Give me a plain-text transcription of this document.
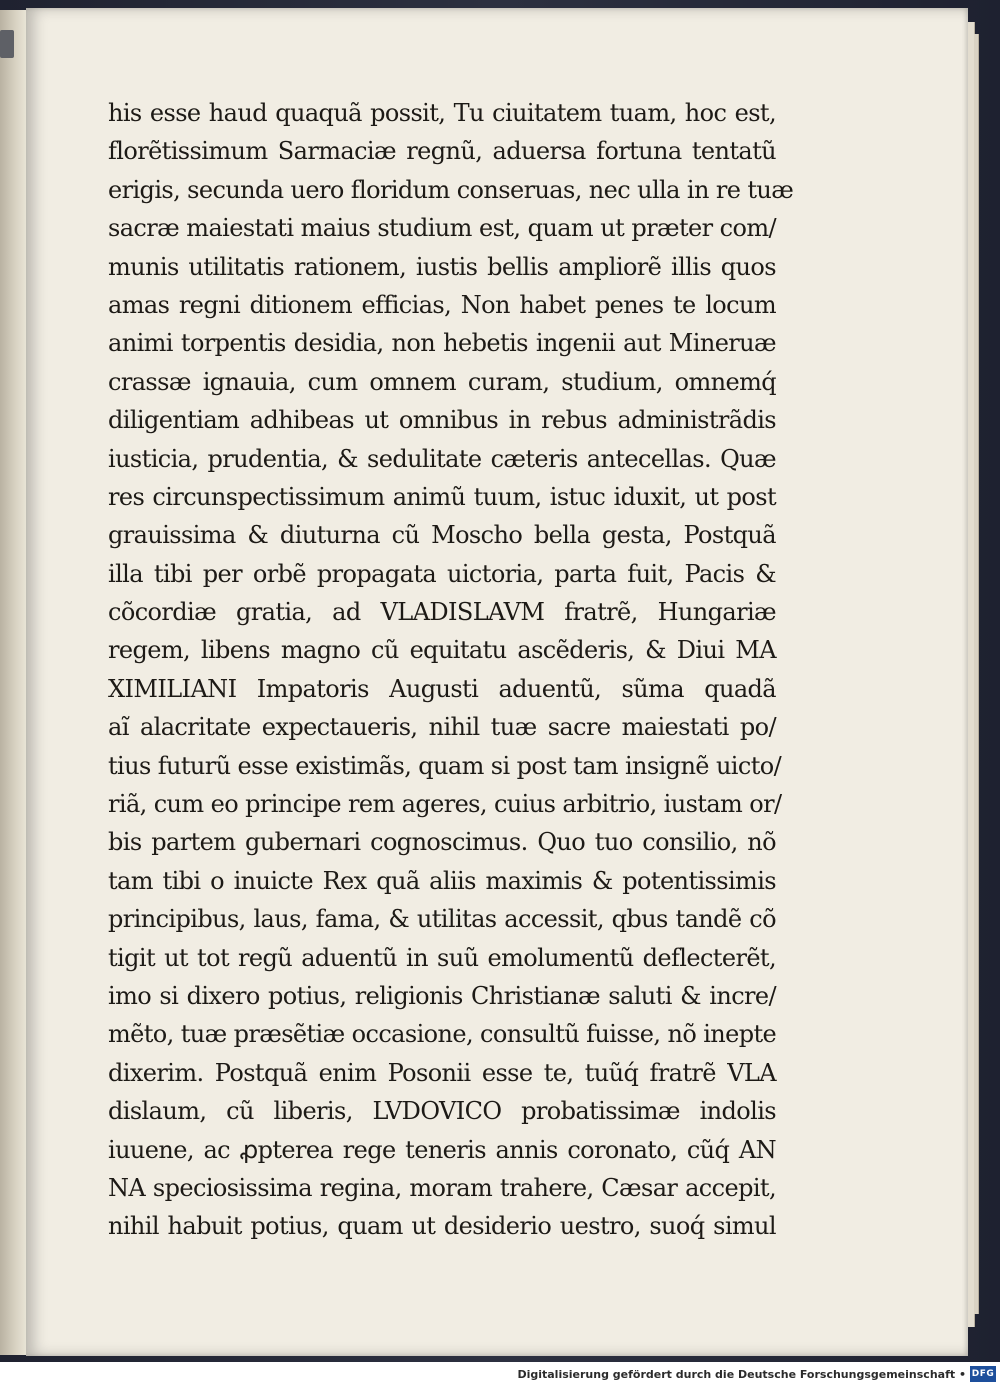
his esse haud quaquã possit, Tu ciuitatem tuam, hoc est,
florẽtissimum Sarmaciæ regnũ, aduersa fortuna tentatũ
erigis, secunda uero floridum conseruas, nec ulla in re tuæ
sacræ maiestati maius studium est, quam ut præter com/
munis utilitatis rationem, iustis bellis ampliorẽ illis quos
amas regni ditionem efficias, Non habet penes te locum
animi torpentis desidia, non hebetis ingenii aut Mineruæ
crassæ ignauia, cum omnem curam, studium, omnemq́
diligentiam adhibeas ut omnibus in rebus administrãdis
iusticia, prudentia, & sedulitate cæteris antecellas. Quæ
res circunspectissimum animũ tuum, istuc iduxit, ut post
grauissima & diuturna cũ Moscho bella gesta, Postquã
illa tibi per orbẽ propagata uictoria, parta fuit, Pacis &
cõcordiæ gratia, ad VLADISLAVM fratrẽ, Hungariæ
regem, libens magno cũ equitatu ascẽderis, & Diui MA
XIMILIANI Impatoris Augusti aduentũ, sũma quadã
aĩ alacritate expectaueris, nihil tuæ sacre maiestati po/
tius futurũ esse existimãs, quam si post tam insignẽ uicto/
riã, cum eo principe rem ageres, cuius arbitrio, iustam or/
bis partem gubernari cognoscimus. Quo tuo consilio, nõ
tam tibi o inuicte Rex quã aliis maximis & potentissimis
principibus, laus, fama, & utilitas accessit, qbus tandẽ cõ
tigit ut tot regũ aduentũ in suũ emolumentũ deflecterẽt,
imo si dixero potius, religionis Christianæ saluti & incre/
mẽto, tuæ præsẽtiæ occasione, consultũ fuisse, nõ inepte
dixerim. Postquã enim Posonii esse te, tuũq́ fratrẽ VLA
dislaum, cũ liberis, LVDOVICO probatissimæ indolis
iuuene, ac ꝓpterea rege teneris annis coronato, cũq́ AN
NA speciosissima regina, moram trahere, Cæsar accepit,
nihil habuit potius, quam ut desiderio uestro, suoq́ simul
Digitalisierung gefördert durch die Deutsche Forschungsgemeinschaft • DFG
